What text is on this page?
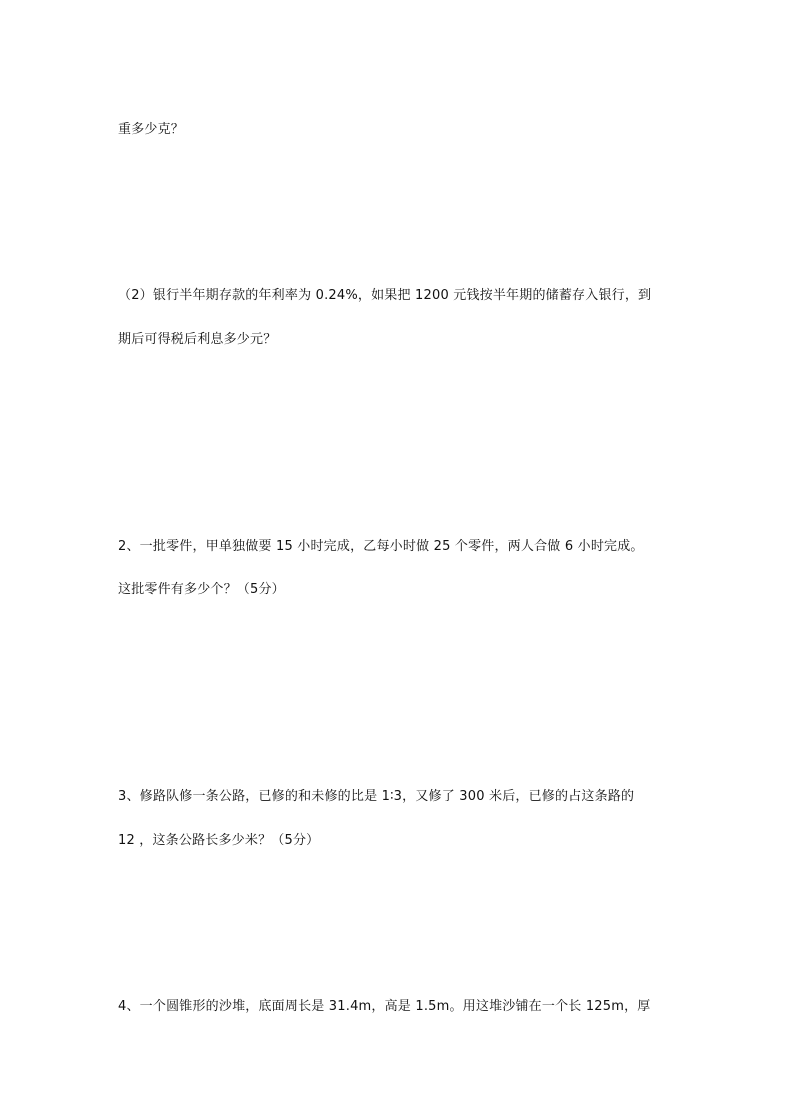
重多少克？

（2）银行半年期存款的年利率为 0.24%，如果把 1200 元钱按半年期的储蓄存入银行，到

期后可得税后利息多少元？

2、一批零件，甲单独做要 15 小时完成，乙每小时做 25 个零件，两人合做 6 小时完成。

这批零件有多少个？（5分）

3、修路队修一条公路，已修的和未修的比是 1∶3，又修了 300 米后，已修的占这条路的

12 ，这条公路长多少米？（5分）

4、一个圆锥形的沙堆，底面周长是 31.4m，高是 1.5m。用这堆沙铺在一个长 125m，厚
